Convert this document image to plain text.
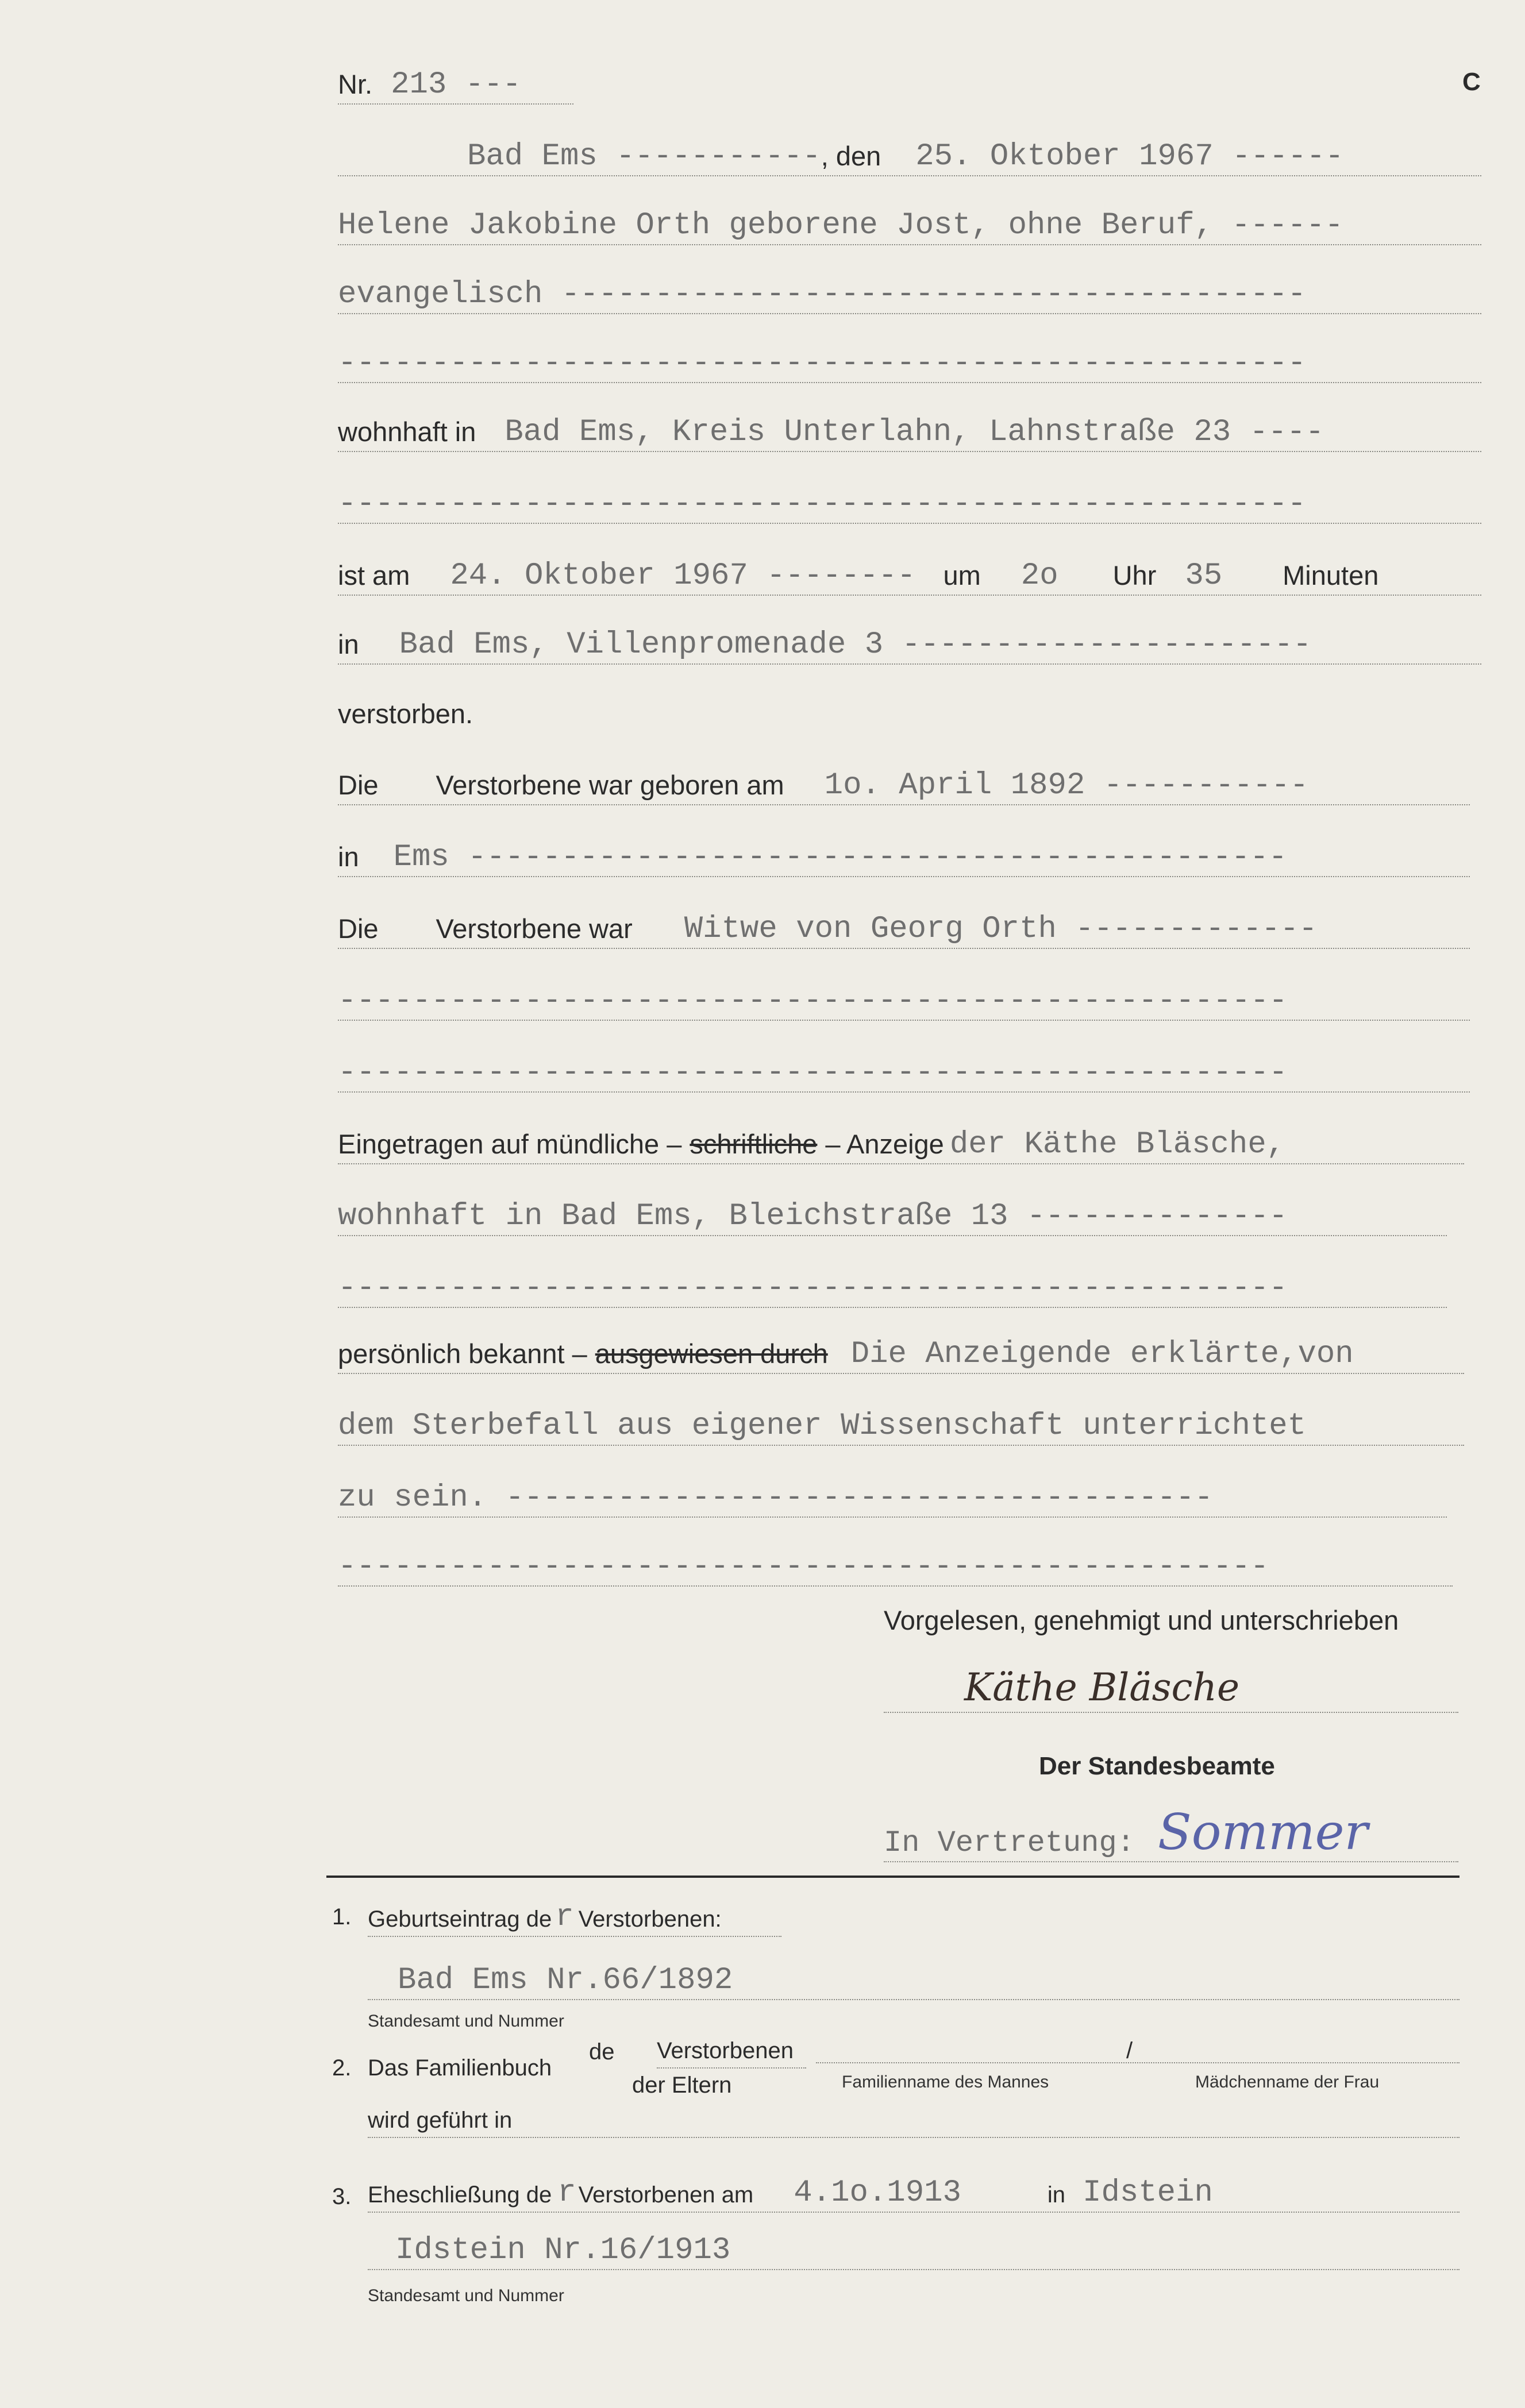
Nr. 213 ---	C
Bad Ems ----------- , den 25. Oktober 1967 ------
Helene Jakobine Orth geborene Jost, ohne Beruf, ------
evangelisch ----------------------------------------
----------------------------------------------------
wohnhaft in Bad Ems, Kreis Unterlahn, Lahnstraße 23 ----
----------------------------------------------------
ist am 24. Oktober 1967 -------- um 2o Uhr 35 Minuten
in Bad Ems, Villenpromenade 3 ----------------------
verstorben.
Die Verstorbene war geboren am 1o. April 1892 -----------
in Ems --------------------------------------------
Die Verstorbene war Witwe von Georg Orth -------------
---------------------------------------------------
---------------------------------------------------
Eingetragen auf mündliche – schriftliche – Anzeige der Käthe Bläsche,
wohnhaft in Bad Ems, Bleichstraße 13 --------------
---------------------------------------------------
persönlich bekannt – ausgewiesen durch Die Anzeigende erklärte,von
dem Sterbefall aus eigener Wissenschaft unterrichtet
zu sein. --------------------------------------
--------------------------------------------------
Vorgelesen, genehmigt und unterschrieben
Käthe Bläsche
Der Standesbeamte
In Vertretung: Sommer
1. Geburtseintrag de r Verstorbenen:
Bad Ems Nr.66/1892
Standesamt und Nummer
2. Das Familienbuch
de Verstorbenen	/
der Eltern	Familienname des Mannes	Mädchenname der Frau
wird geführt in
3. Eheschließung de r Verstorbenen am 4.1o.1913	in Idstein
Idstein Nr.16/1913
Standesamt und Nummer
